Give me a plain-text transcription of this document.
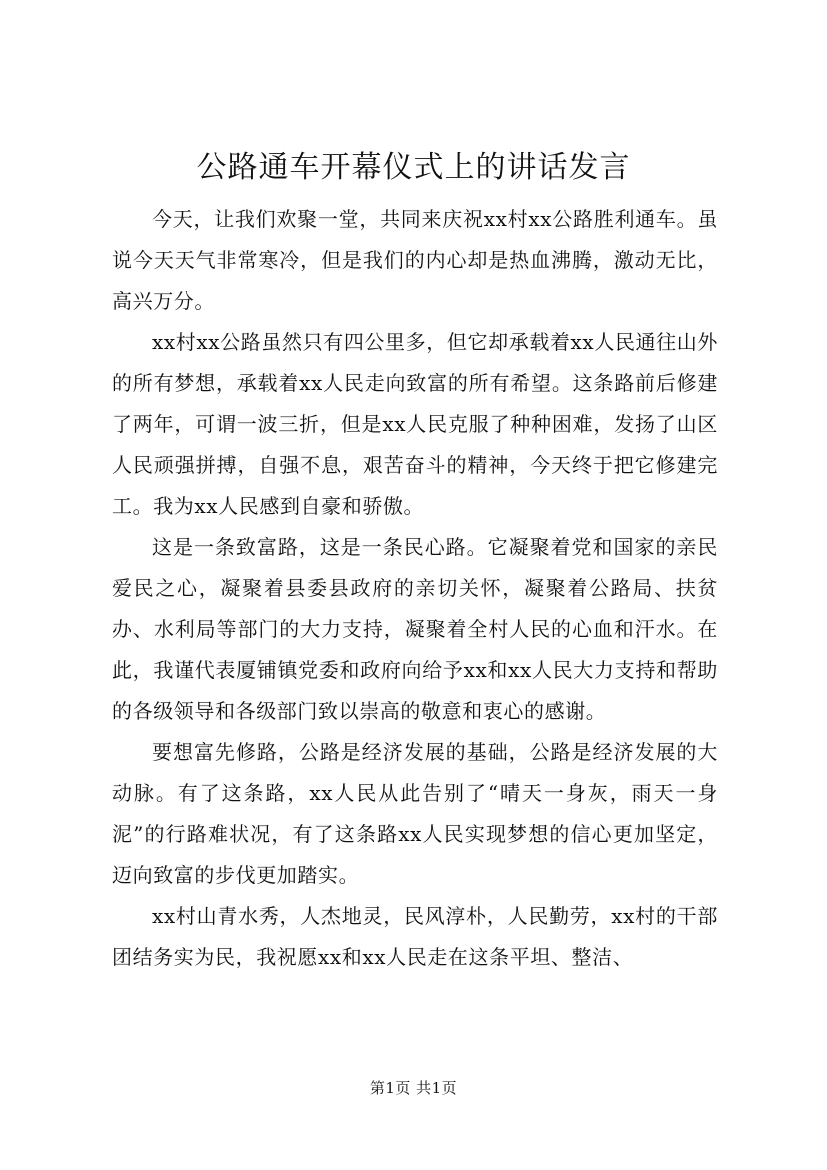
公路通车开幕仪式上的讲话发言

今天，让我们欢聚一堂，共同来庆祝xx村xx公路胜利通车。虽说今天天气非常寒冷，但是我们的内心却是热血沸腾，激动无比，高兴万分。

xx村xx公路虽然只有四公里多，但它却承载着xx人民通往山外的所有梦想，承载着xx人民走向致富的所有希望。这条路前后修建了两年，可谓一波三折，但是xx人民克服了种种困难，发扬了山区人民顽强拼搏，自强不息，艰苦奋斗的精神，今天终于把它修建完工。我为xx人民感到自豪和骄傲。

这是一条致富路，这是一条民心路。它凝聚着党和国家的亲民爱民之心，凝聚着县委县政府的亲切关怀，凝聚着公路局、扶贫办、水利局等部门的大力支持，凝聚着全村人民的心血和汗水。在此，我谨代表厦铺镇党委和政府向给予xx和xx人民大力支持和帮助的各级领导和各级部门致以崇高的敬意和衷心的感谢。

要想富先修路，公路是经济发展的基础，公路是经济发展的大动脉。有了这条路，xx人民从此告别了“晴天一身灰，雨天一身泥”的行路难状况，有了这条路xx人民实现梦想的信心更加坚定，迈向致富的步伐更加踏实。

xx村山青水秀，人杰地灵，民风淳朴，人民勤劳，xx村的干部团结务实为民，我祝愿xx和xx人民走在这条平坦、整洁、

第1页 共1页
